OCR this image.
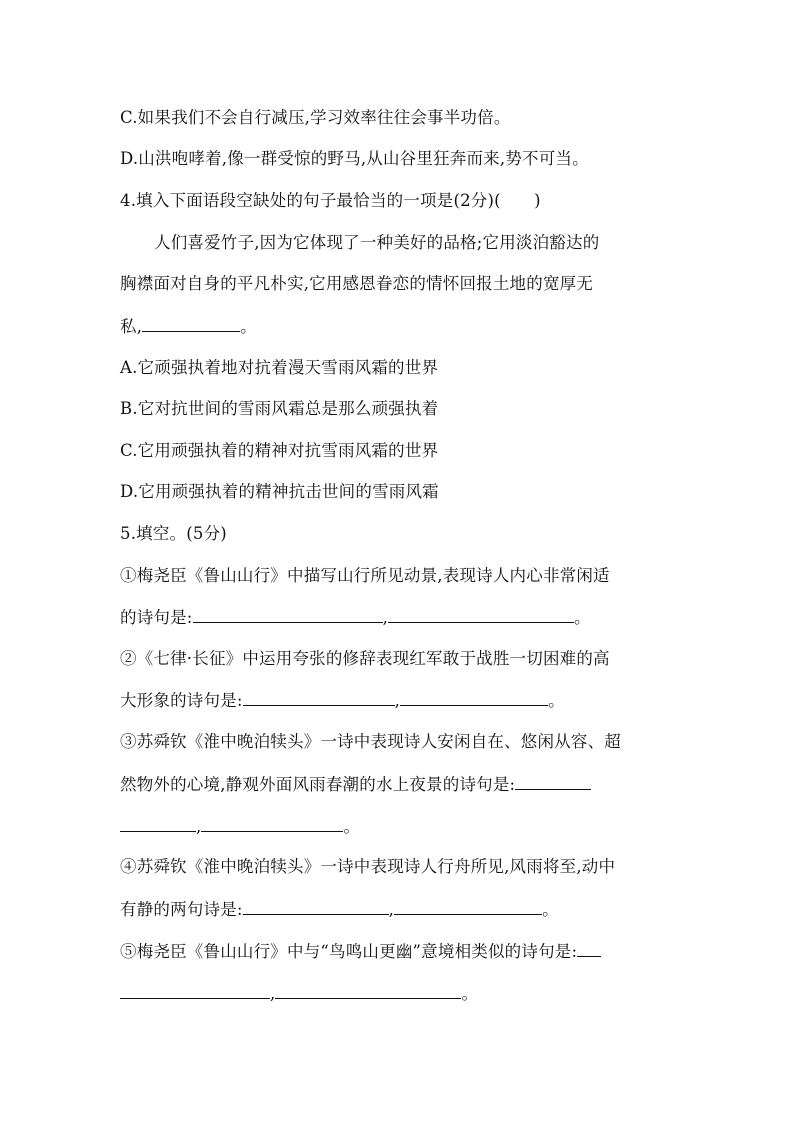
C.如果我们不会自行减压,学习效率往往会事半功倍。
D.山洪咆哮着,像一群受惊的野马,从山谷里狂奔而来,势不可当。
4.填入下面语段空缺处的句子最恰当的一项是(2分)(　　)
人们喜爱竹子,因为它体现了一种美好的品格;它用淡泊豁达的
胸襟面对自身的平凡朴实,它用感恩眷恋的情怀回报土地的宽厚无
私,	。
A.它顽强执着地对抗着漫天雪雨风霜的世界
B.它对抗世间的雪雨风霜总是那么顽强执着
C.它用顽强执着的精神对抗雪雨风霜的世界
D.它用顽强执着的精神抗击世间的雪雨风霜
5.填空。(5分)
①梅尧臣《鲁山山行》中描写山行所见动景,表现诗人内心非常闲适
的诗句是:	,	。
②《七律·长征》中运用夸张的修辞表现红军敢于战胜一切困难的高
大形象的诗句是:	,	。
③苏舜钦《淮中晚泊犊头》一诗中表现诗人安闲自在、悠闲从容、超
然物外的心境,静观外面风雨春潮的水上夜景的诗句是:
,	。
④苏舜钦《淮中晚泊犊头》一诗中表现诗人行舟所见,风雨将至,动中
有静的两句诗是:	,	。
⑤梅尧臣《鲁山山行》中与“鸟鸣山更幽”意境相类似的诗句是:
,	。
